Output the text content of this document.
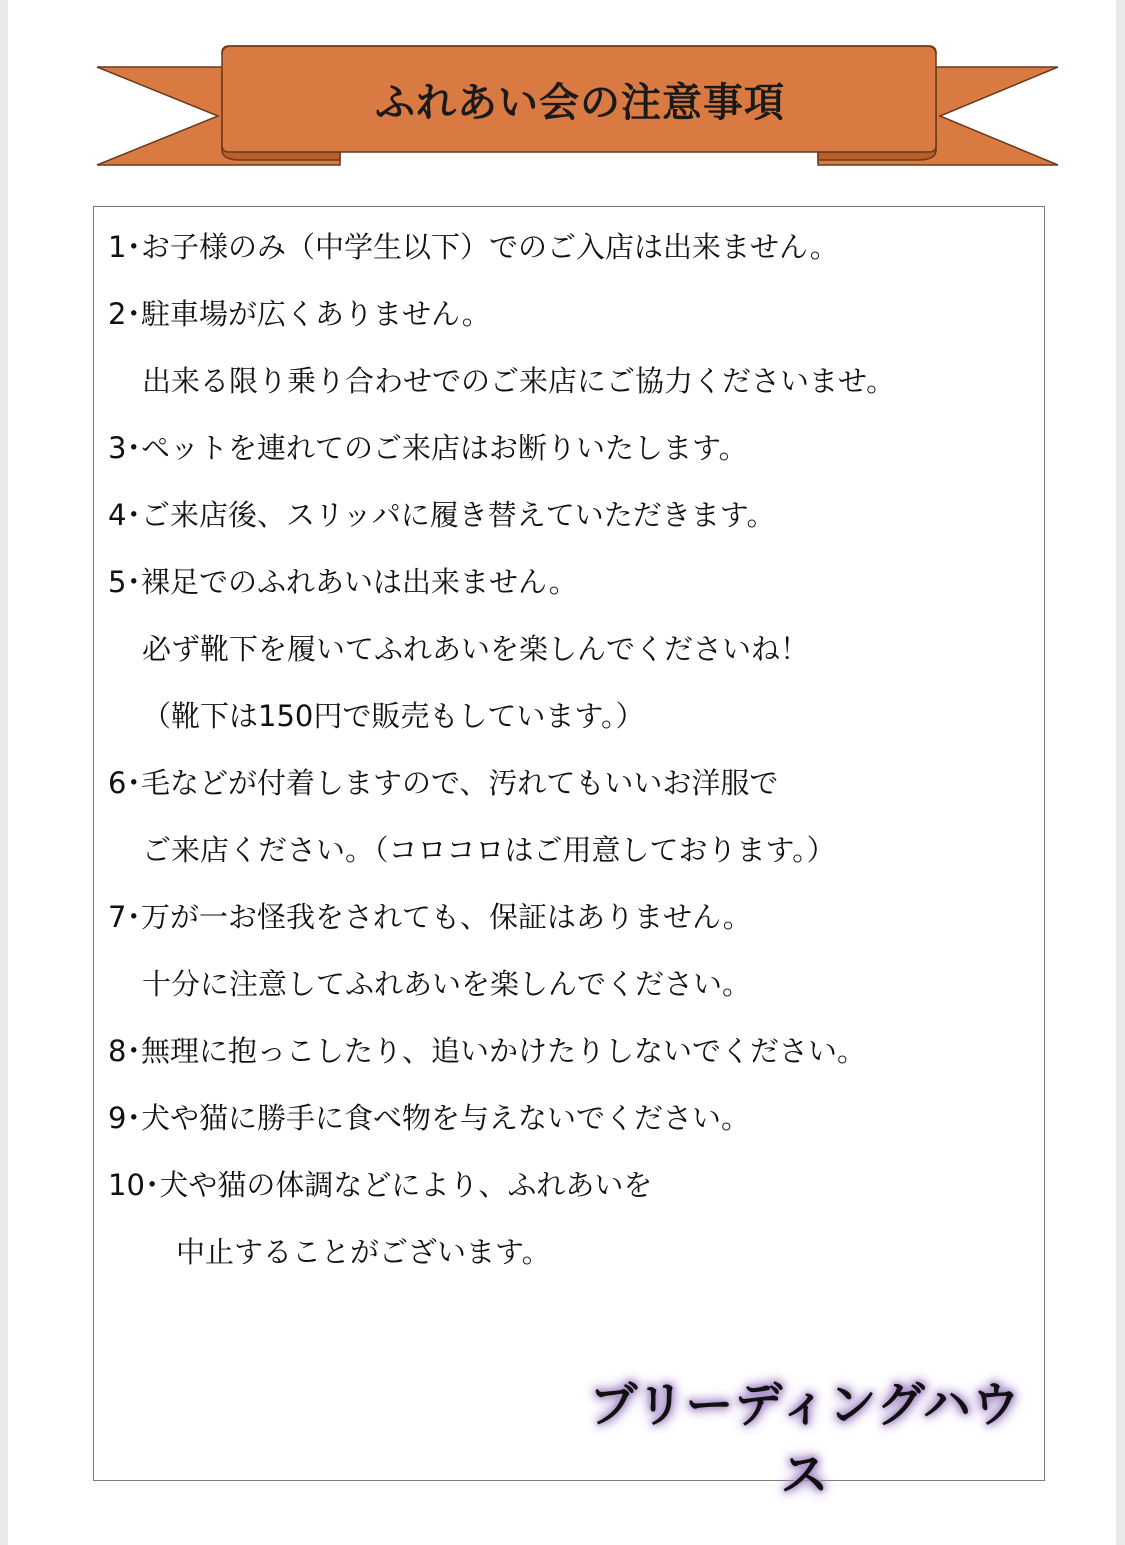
ふれあい会の注意事項
1･お子様のみ（中学生以下）でのご入店は出来ません。
2･駐車場が広くありません。
出来る限り乗り合わせでのご来店にご協力くださいませ。
3･ペットを連れてのご来店はお断りいたします。
4･ご来店後、スリッパに履き替えていただきます。
5･裸足でのふれあいは出来ません。
必ず靴下を履いてふれあいを楽しんでくださいね！
（靴下は150円で販売もしています。）
6･毛などが付着しますので、汚れてもいいお洋服で
ご来店ください。（コロコロはご用意しております。）
7･万が一お怪我をされても、保証はありません。
十分に注意してふれあいを楽しんでください。
8･無理に抱っこしたり、追いかけたりしないでください。
9･犬や猫に勝手に食べ物を与えないでください。
10･犬や猫の体調などにより、ふれあいを
中止することがございます。
ブリーディングハウス
